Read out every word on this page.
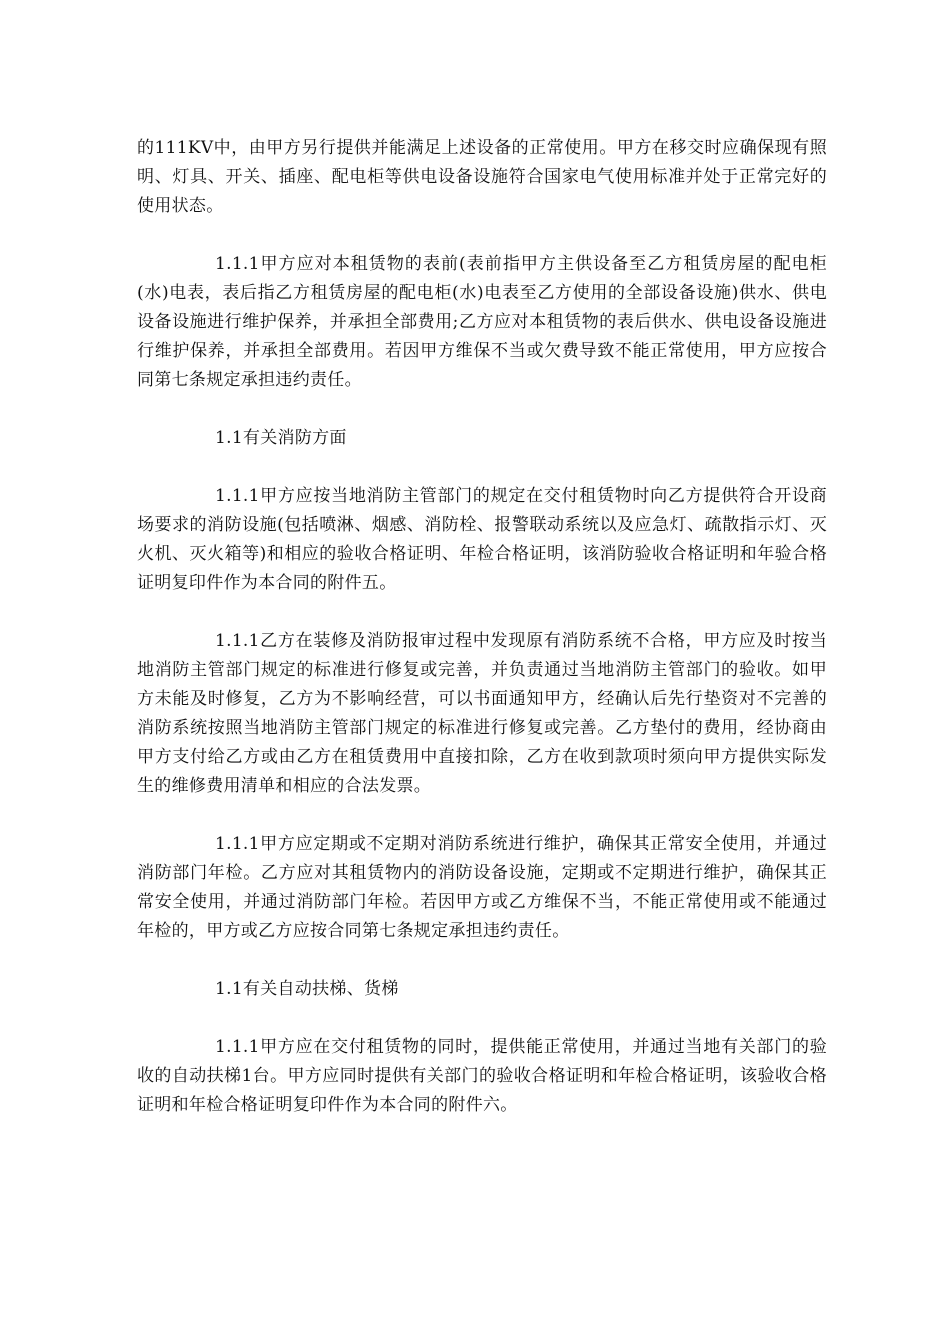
的111KV中，由甲方另行提供并能满足上述设备的正常使用。甲方在移交时应确保现有照明、灯具、开关、插座、配电柜等供电设备设施符合国家电气使用标准并处于正常完好的使用状态。

1.1.1甲方应对本租赁物的表前(表前指甲方主供设备至乙方租赁房屋的配电柜(水)电表，表后指乙方租赁房屋的配电柜(水)电表至乙方使用的全部设备设施)供水、供电设备设施进行维护保养，并承担全部费用;乙方应对本租赁物的表后供水、供电设备设施进行维护保养，并承担全部费用。若因甲方维保不当或欠费导致不能正常使用，甲方应按合同第七条规定承担违约责任。

1.1有关消防方面

1.1.1甲方应按当地消防主管部门的规定在交付租赁物时向乙方提供符合开设商场要求的消防设施(包括喷淋、烟感、消防栓、报警联动系统以及应急灯、疏散指示灯、灭火机、灭火箱等)和相应的验收合格证明、年检合格证明，该消防验收合格证明和年验合格证明复印件作为本合同的附件五。

1.1.1乙方在装修及消防报审过程中发现原有消防系统不合格，甲方应及时按当地消防主管部门规定的标准进行修复或完善，并负责通过当地消防主管部门的验收。如甲方未能及时修复，乙方为不影响经营，可以书面通知甲方，经确认后先行垫资对不完善的消防系统按照当地消防主管部门规定的标准进行修复或完善。乙方垫付的费用，经协商由甲方支付给乙方或由乙方在租赁费用中直接扣除，乙方在收到款项时须向甲方提供实际发生的维修费用清单和相应的合法发票。

1.1.1甲方应定期或不定期对消防系统进行维护，确保其正常安全使用，并通过消防部门年检。乙方应对其租赁物内的消防设备设施，定期或不定期进行维护，确保其正常安全使用，并通过消防部门年检。若因甲方或乙方维保不当，不能正常使用或不能通过年检的，甲方或乙方应按合同第七条规定承担违约责任。

1.1有关自动扶梯、货梯

1.1.1甲方应在交付租赁物的同时，提供能正常使用，并通过当地有关部门的验收的自动扶梯1台。甲方应同时提供有关部门的验收合格证明和年检合格证明，该验收合格证明和年检合格证明复印件作为本合同的附件六。
